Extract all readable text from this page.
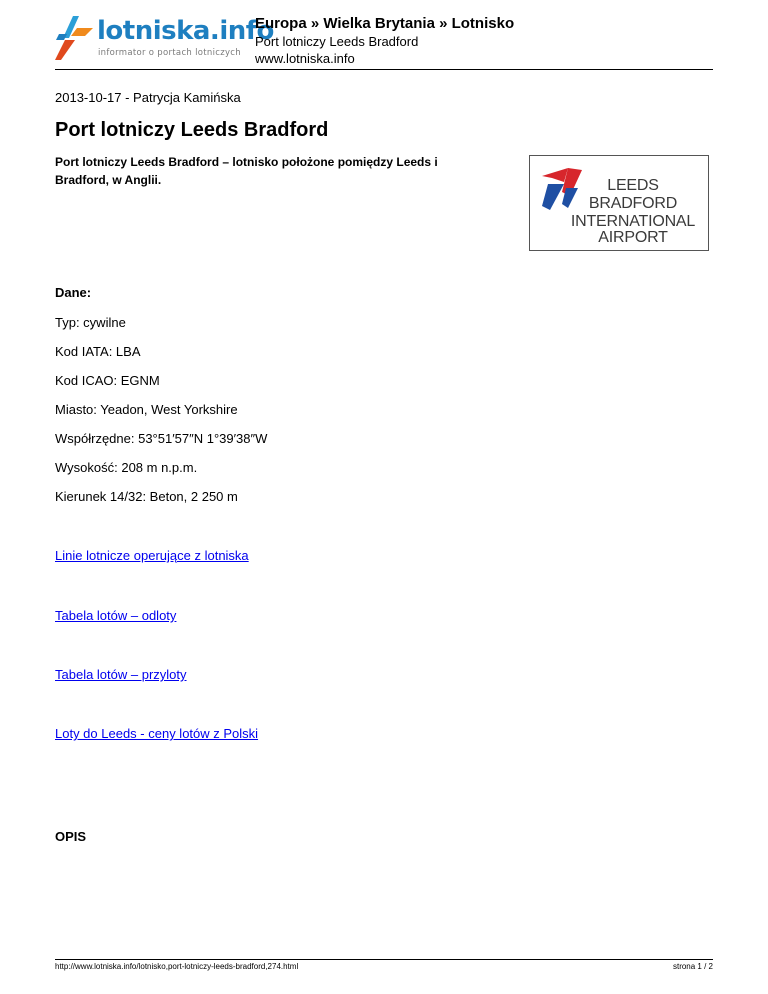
lotniska.info
informator o portach lotniczych
Europa » Wielka Brytania » Lotnisko
Port lotniczy Leeds Bradford
www.lotniska.info
2013-10-17 - Patrycja Kamińska
Port lotniczy Leeds Bradford

Port lotniczy Leeds Bradford – lotnisko położone pomiędzy Leeds i Bradford, w Anglii.	LEEDS
BRADFORD
INTERNATIONAL
AIRPORT
Dane:
Typ: cywilne
Kod IATA: LBA
Kod ICAO: EGNM
Miasto: Yeadon, West Yorkshire
Współrzędne: 53°51′57″N 1°39′38″W
Wysokość: 208 m n.p.m.
Kierunek 14/32: Beton, 2 250 m
Linie lotnicze operujące z lotniska
Tabela lotów – odloty
Tabela lotów – przyloty
Loty do Leeds - ceny lotów z Polski
OPIS
http://www.lotniska.info/lotnisko,port-lotniczy-leeds-bradford,274.html	strona 1 / 2
